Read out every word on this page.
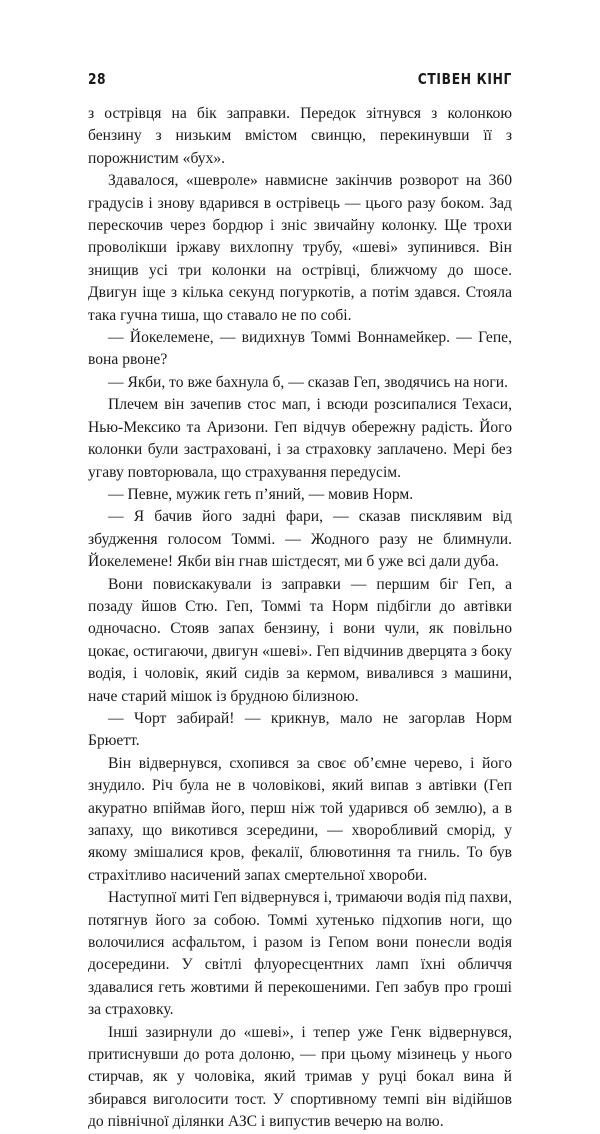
28	СТІВЕН КІНГ

з острівця на бік заправки. Передок зітнувся з колонкою бензину з низьким вмістом свинцю, перекинувши її з порожнистим «бух».

Здавалося, «шевроле» навмисне закінчив розворот на 360 градусів і знову вдарився в острівець — цього разу боком. Зад перескочив через бордюр і зніс звичайну колонку. Ще трохи проволікши іржаву вихлопну трубу, «шеві» зупинився. Він знищив усі три колонки на острівці, ближчому до шосе. Двигун іще з кілька секунд погуркотів, а потім здався. Стояла така гучна тиша, що ставало не по собі.

— Йокелемене, — видихнув Томмі Воннамейкер. — Гепе, вона рвоне?

— Якби, то вже бахнула б, — сказав Геп, зводячись на ноги.

Плечем він зачепив стос мап, і всюди розсипалися Техаси, Нью-Мексико та Аризони. Геп відчув обережну радість. Його колонки були застраховані, і за страховку заплачено. Мері без угаву повторювала, що страхування передусім.

— Певне, мужик геть п’яний, — мовив Норм.

— Я бачив його задні фари, — сказав писклявим від збудження голосом Томмі. — Жодного разу не блимнули. Йокелемене! Якби він гнав шістдесят, ми б уже всі дали дуба.

Вони повискакували із заправки — першим біг Геп, а позаду йшов Стю. Геп, Томмі та Норм підбігли до автівки одночасно. Стояв запах бензину, і вони чули, як повільно цокає, остигаючи, двигун «шеві». Геп відчинив дверцята з боку водія, і чоловік, який сидів за кермом, вивалився з машини, наче старий мішок із брудною білизною.

— Чорт забирай! — крикнув, мало не загорлав Норм Брюетт.

Він відвернувся, схопився за своє об’ємне черево, і його знудило. Річ була не в чоловікові, який випав з автівки (Геп акуратно впіймав його, перш ніж той ударився об землю), а в запаху, що викотився зсередини, — хворобливий сморід, у якому змішалися кров, фекалії, блювотиння та гниль. То був страхітливо насичений запах смертельної хвороби.

Наступної миті Геп відвернувся і, тримаючи водія під пахви, потягнув його за собою. Томмі хутенько підхопив ноги, що волочилися асфальтом, і разом із Гепом вони понесли водія досередини. У світлі флуоресцентних ламп їхні обличчя здавалися геть жовтими й перекошеними. Геп забув про гроші за страховку.

Інші зазирнули до «шеві», і тепер уже Генк відвернувся, притиснувши до рота долоню, — при цьому мізинець у нього стирчав, як у чоловіка, який тримав у руці бокал вина й збирався виголосити тост. У спортивному темпі він відійшов до північної ділянки АЗС і випустив вечерю на волю.
